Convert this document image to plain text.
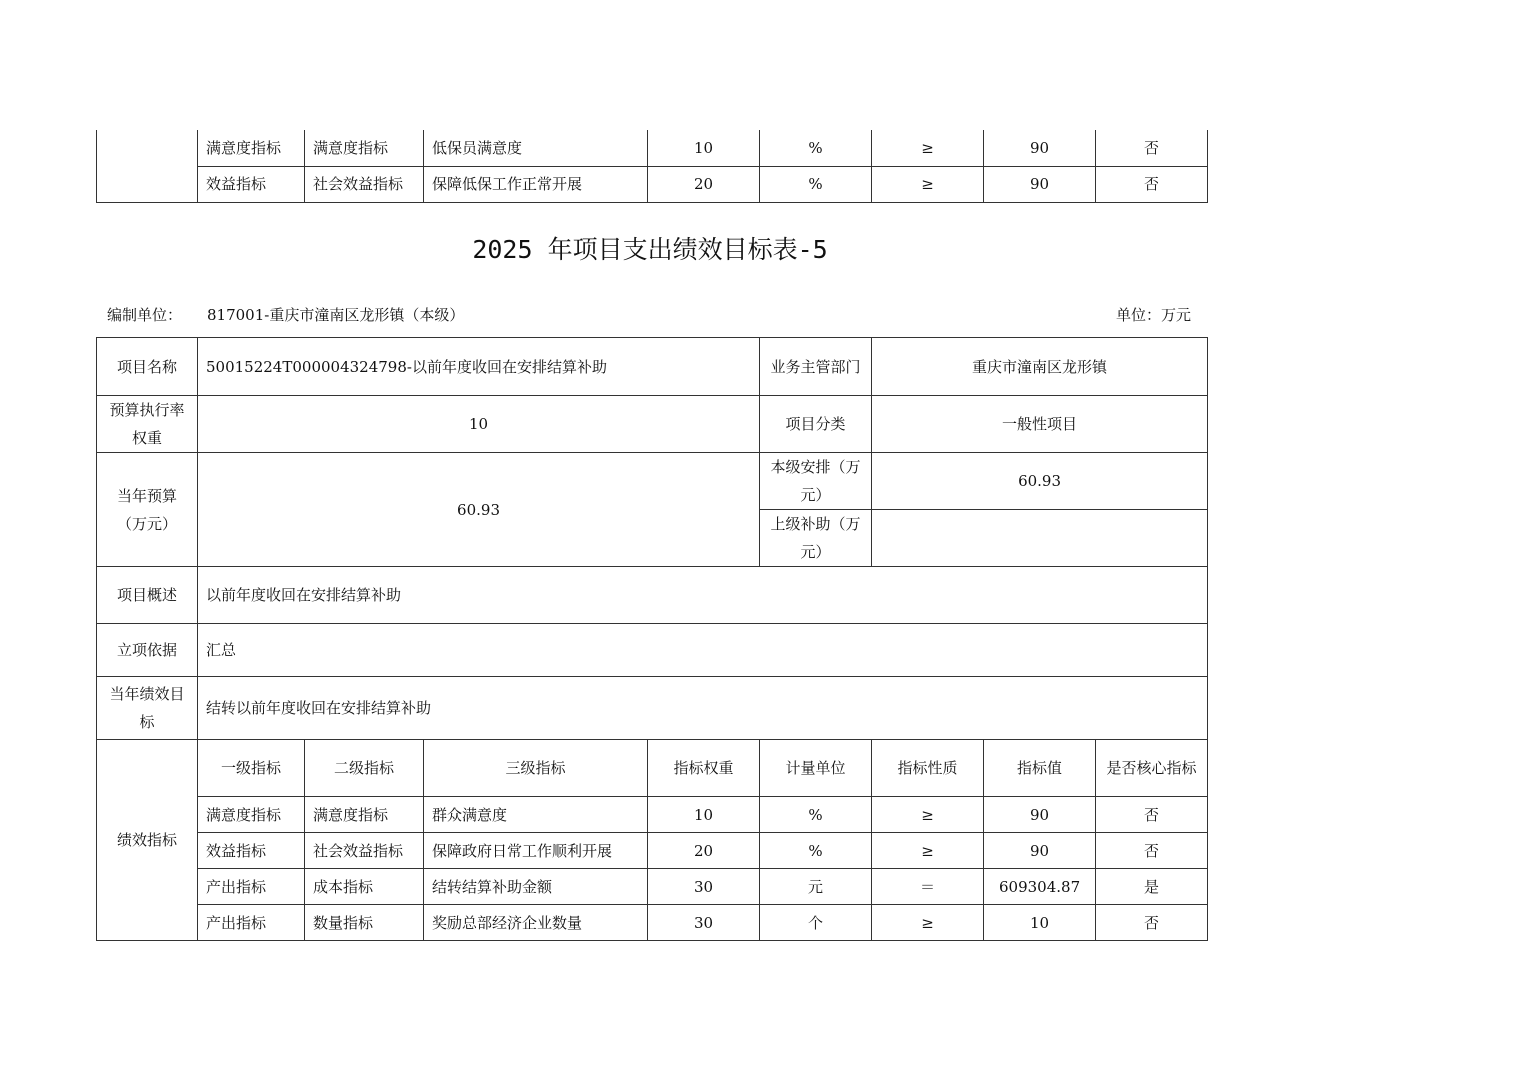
	满意度指标	满意度指标	低保员满意度	10	%	≥	90	否
	效益指标	社会效益指标	保障低保工作正常开展	20	%	≥	90	否
2025 年项目支出绩效目标表-5
编制单位： 817001-重庆市潼南区龙形镇（本级）	单位：万元
项目名称	50015224T000004324798-以前年度收回在安排结算补助				业务主管部门	重庆市潼南区龙形镇		
预算执行率权重	10				项目分类	一般性项目		
当年预算（万元）	60.93				本级安排（万元）	60.93		
					上级补助（万元）			
项目概述	以前年度收回在安排结算补助							
立项依据	汇总							
当年绩效目标	结转以前年度收回在安排结算补助							
绩效指标	一级指标	二级指标	三级指标	指标权重	计量单位	指标性质	指标值	是否核心指标
	满意度指标	满意度指标	群众满意度	10	%	≥	90	否
	效益指标	社会效益指标	保障政府日常工作顺利开展	20	%	≥	90	否
	产出指标	成本指标	结转结算补助金额	30	元	＝	609304.87	是
	产出指标	数量指标	奖励总部经济企业数量	30	个	≥	10	否
